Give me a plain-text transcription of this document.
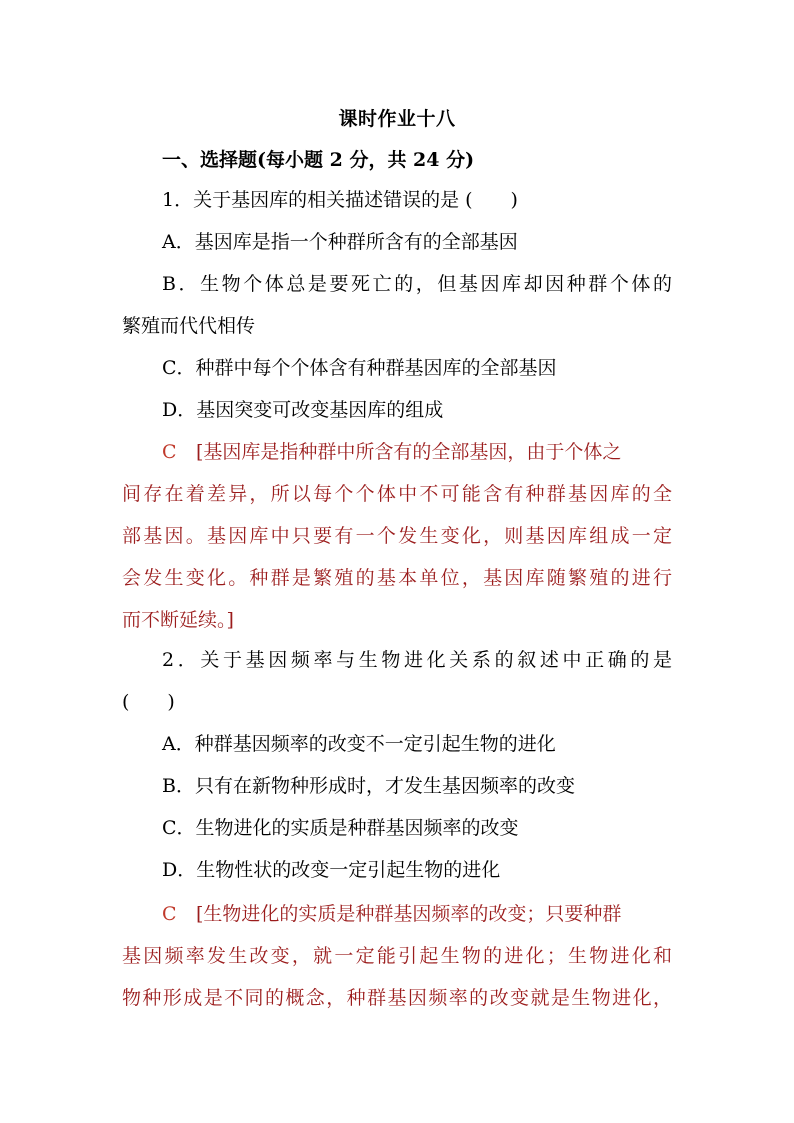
课时作业十八
一、选择题(每小题 2 分，共 24 分)
1．关于基因库的相关描述错误的是 (　　)
A．基因库是指一个种群所含有的全部基因
B．生物个体总是要死亡的，但基因库却因种群个体的
繁殖而代代相传
C．种群中每个个体含有种群基因库的全部基因
D．基因突变可改变基因库的组成
C [基因库是指种群中所含有的全部基因，由于个体之
间存在着差异，所以每个个体中不可能含有种群基因库的全
部基因。基因库中只要有一个发生变化，则基因库组成一定
会发生变化。种群是繁殖的基本单位，基因库随繁殖的进行
而不断延续。]
2．关于基因频率与生物进化关系的叙述中正确的是
(　　)
A．种群基因频率的改变不一定引起生物的进化
B．只有在新物种形成时，才发生基因频率的改变
C．生物进化的实质是种群基因频率的改变
D．生物性状的改变一定引起生物的进化
C [生物进化的实质是种群基因频率的改变；只要种群
基因频率发生改变，就一定能引起生物的进化；生物进化和
物种形成是不同的概念，种群基因频率的改变就是生物进化，
